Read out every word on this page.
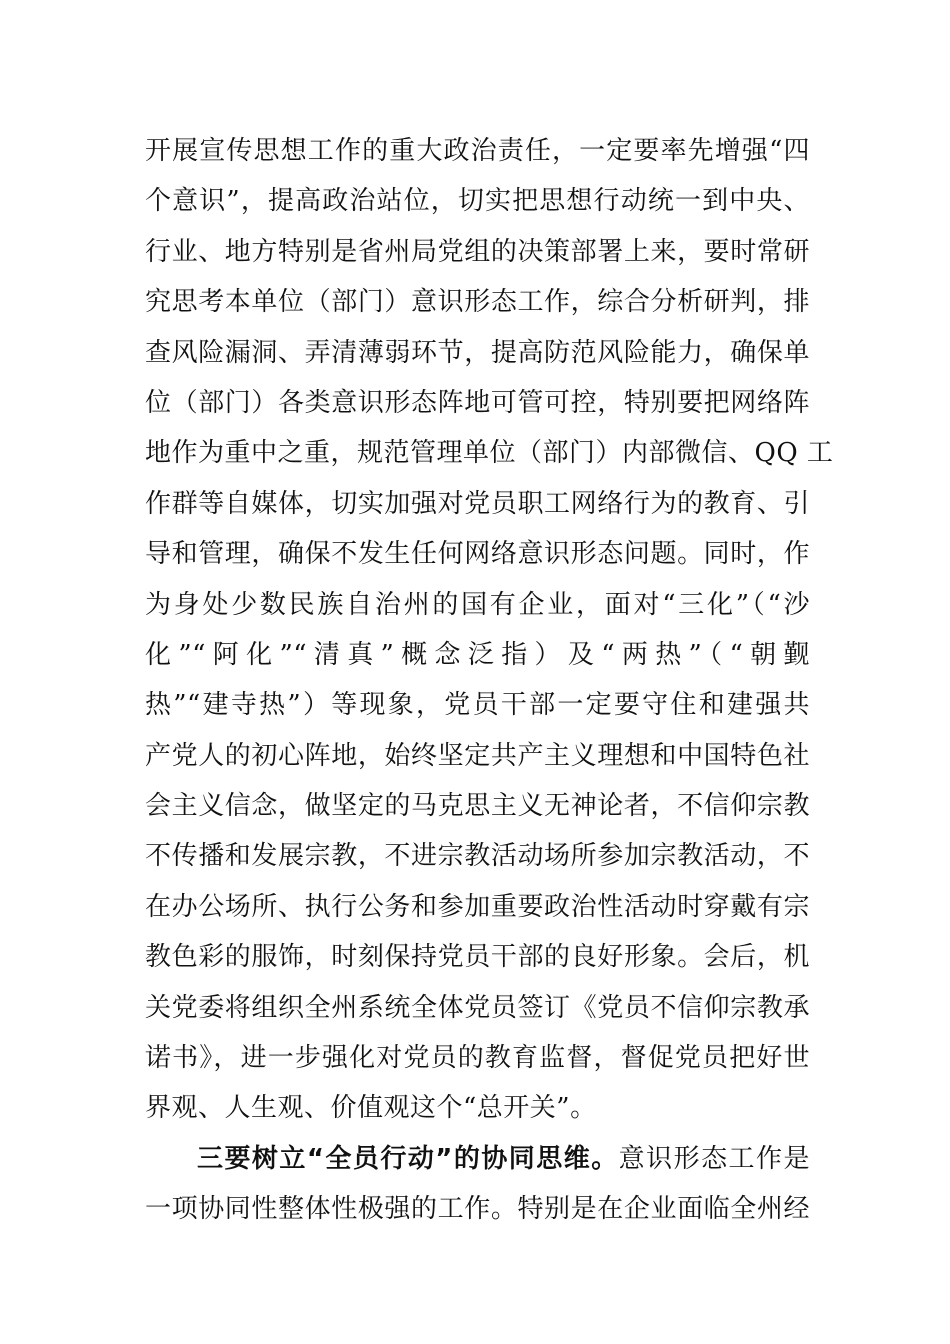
开展宣传思想工作的重大政治责任，一定要率先增强“四
个意识”，提高政治站位，切实把思想行动统一到中央、
行业、地方特别是省州局党组的决策部署上来，要时常研
究思考本单位（部门）意识形态工作，综合分析研判，排
查风险漏洞、弄清薄弱环节，提高防范风险能力，确保单
位（部门）各类意识形态阵地可管可控，特别要把网络阵
地作为重中之重，规范管理单位（部门）内部微信、QQ 工
作群等自媒体，切实加强对党员职工网络行为的教育、引
导和管理，确保不发生任何网络意识形态问题。同时，作
为身处少数民族自治州的国有企业，面对“三化”（“沙
化”“阿化”“清真”概念泛指）及“两热”（“朝觐
热”“建寺热”）等现象，党员干部一定要守住和建强共
产党人的初心阵地，始终坚定共产主义理想和中国特色社
会主义信念，做坚定的马克思主义无神论者，不信仰宗教
不传播和发展宗教，不进宗教活动场所参加宗教活动，不
在办公场所、执行公务和参加重要政治性活动时穿戴有宗
教色彩的服饰，时刻保持党员干部的良好形象。会后，机
关党委将组织全州系统全体党员签订《党员不信仰宗教承
诺书》，进一步强化对党员的教育监督，督促党员把好世
界观、人生观、价值观这个“总开关”。
三要树立“全员行动”的协同思维。意识形态工作是
一项协同性整体性极强的工作。特别是在企业面临全州经
